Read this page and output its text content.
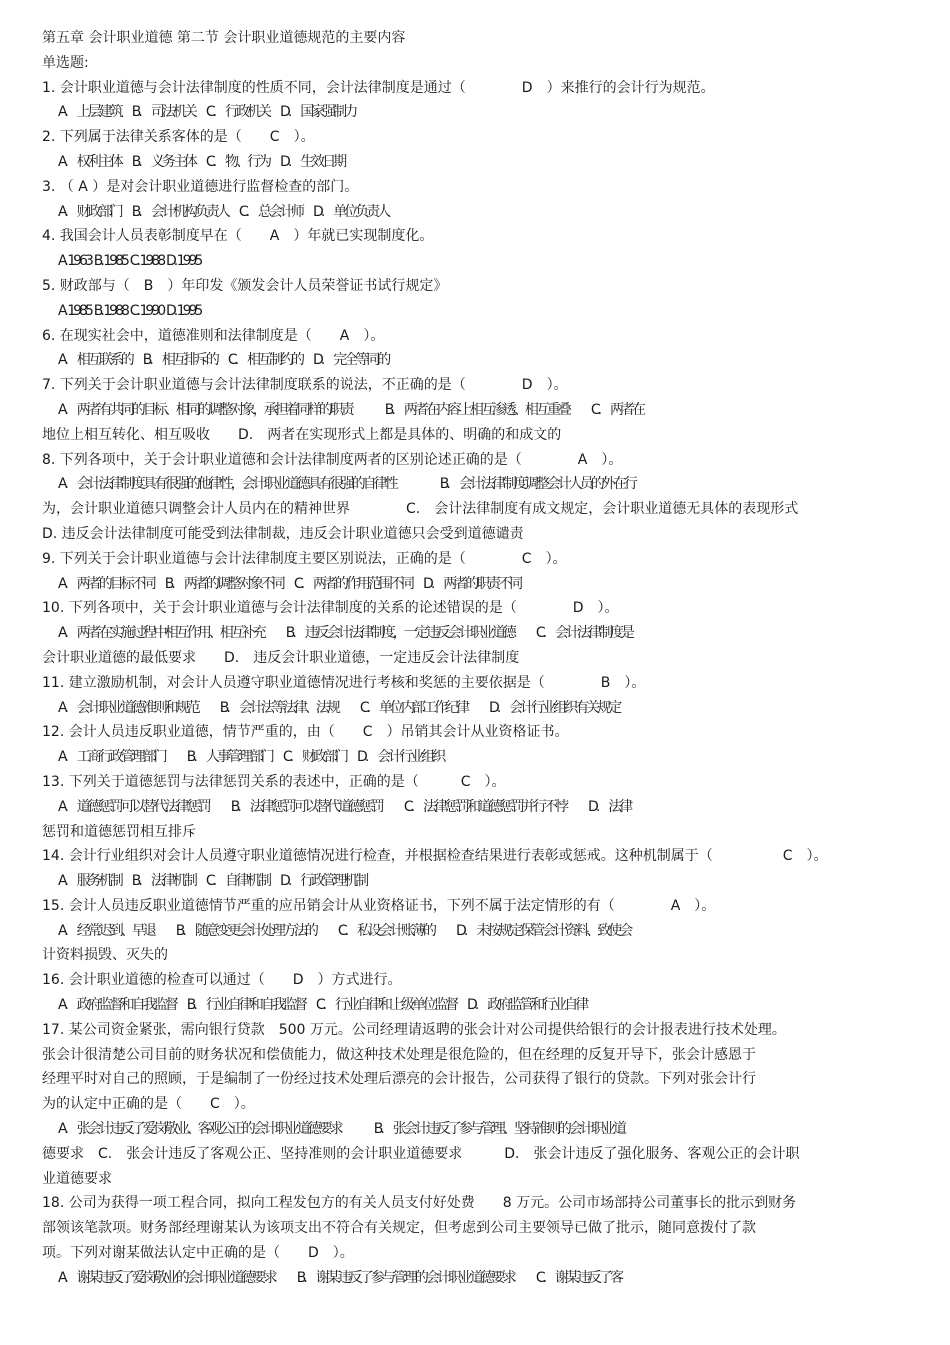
第五章 会计职业道德 第二节 会计职业道德规范的主要内容
单选题:
1. 会计职业道德与会计法律制度的性质不同，会计法律制度是通过（　　　　D　）来推行的会计行为规范。
A.　上层建筑　B.　司法机关　C.　行政机关　D.　国家强制力
2. 下列属于法律关系客体的是（　　C　）。
A.　权利主体　B.　义务主体　C.　物、行为　D.　生效日期
3. （ A ）是对会计职业道德进行监督检查的部门。
A.　财政部门　B.　会计机构负责人　C.　总会计师　D.　单位负责人
4. 我国会计人员表彰制度早在（　　A　）年就已实现制度化。
A. 1963  B. 1985  C. 1988  D. 1995
5. 财政部与（　B　）年印发《颁发会计人员荣誉证书试行规定》
A. 1985  B. 1988  C. 1990  D. 1995
6. 在现实社会中，道德准则和法律制度是（　　A　）。
A.　相互联系的　B.　相互排斥的　C.　相互制约的　D.　完全等同的
7. 下列关于会计职业道德与会计法律制度联系的说法，不正确的是（　　　　D　）。
A.　两者有共同的目标、相同的调整对象，承担着同样的职责　　　B.　两者在内容上相互渗透、相互重叠　　C.　两者在
地位上相互转化、相互吸收　　D.　两者在实现形式上都是具体的、明确的和成文的
8. 下列各项中，关于会计职业道德和会计法律制度两者的区别论述正确的是（　　　　A　）。
A.　会计法律制度具有很强的他律性，会计职业道德具有很强的自律性　　　　B.　会计法律制度调整会计人员的外在行
为，会计职业道德只调整会计人员内在的精神世界　　　　C.　会计法律制度有成文规定，会计职业道德无具体的表现形式
D. 违反会计法律制度可能受到法律制裁，违反会计职业道德只会受到道德谴责
9. 下列关于会计职业道德与会计法律制度主要区别说法，正确的是（　　　　C　）。
A.　两者的目标不同　B.　两者的调整对象不同　C.　两者的作用范围不同　D.　两者的职责不同
10. 下列各项中，关于会计职业道德与会计法律制度的关系的论述错误的是（　　　　D　）。
A.　两者在实施过程中相互作用、相互补充　　B.　违反会计法律制度，一定违反会计职业道德　　C.　会计法律制度是
会计职业道德的最低要求　　D.　违反会计职业道德，一定违反会计法律制度
11. 建立激励机制，对会计人员遵守职业道德情况进行考核和奖惩的主要依据是（　　　　B　）。
A.　会计职业道德准则和规范　　B.　会计法等法律、法规　　C.　单位内部工作纪律　　D.　会计行业组织有关规定
12. 会计人员违反职业道德，情节严重的，由（　　C　）吊销其会计从业资格证书。
A.　工商行政管理部门　　B.　人事管理部门　C.　财政部门　D.　会计行业组织
13. 下列关于道德惩罚与法律惩罚关系的表述中，正确的是（　　　C　）。
A.　道德惩罚可以替代法律惩罚　　B.　法律惩罚可以替代道德惩罚　　C.　法律惩罚和道德惩罚并行不悖　　D.　法律
惩罚和道德惩罚相互排斥
14. 会计行业组织对会计人员遵守职业道德情况进行检查，并根据检查结果进行表彰或惩戒。这种机制属于（　　　　　C　）。
A.　服务机制　B.　法律机制　C.　自律机制　D.　行政管理机制
15. 会计人员违反职业道德情节严重的应吊销会计从业资格证书，下列不属于法定情形的有（　　　　A　）。
A.　经常迟到、早退　　B.　随意变更会计处理方法的　　C.　私设会计账薄的　　D.　未按规定保管会计资料、致使会
计资料损毁、灭失的
16. 会计职业道德的检查可以通过（　　D　）方式进行。
A.　政府监督和自我监督　B.　行业自律和自我监督　C.　行业自律和上级单位监督　D.　政府监管和行业自律
17. 某公司资金紧张，需向银行贷款　500 万元。公司经理请返聘的张会计对公司提供给银行的会计报表进行技术处理。
张会计很清楚公司目前的财务状况和偿债能力，做这种技术处理是很危险的，但在经理的反复开导下，张会计感恩于
经理平时对自己的照顾，于是编制了一份经过技术处理后漂亮的会计报告，公司获得了银行的贷款。下列对张会计行
为的认定中正确的是（　　C　）。
A.　张会计违反了爱岗敬业、客观公正的会计职业道德要求　　　B.　张会计违反了参与管理、坚持准则的会计职业道
德要求　C.　张会计违反了客观公正、坚持准则的会计职业道德要求　　　D.　张会计违反了强化服务、客观公正的会计职
业道德要求
18. 公司为获得一项工程合同，拟向工程发包方的有关人员支付好处费　　8 万元。公司市场部持公司董事长的批示到财务
部领该笔款项。财务部经理谢某认为该项支出不符合有关规定，但考虑到公司主要领导已做了批示，随同意拨付了款
项。下列对谢某做法认定中正确的是（　　D　）。
A.　谢某违反了爱岗敬业的会计职业道德要求　　B.　谢某违反了参与管理的会计职业道德要求　　C.　谢某违反了客
